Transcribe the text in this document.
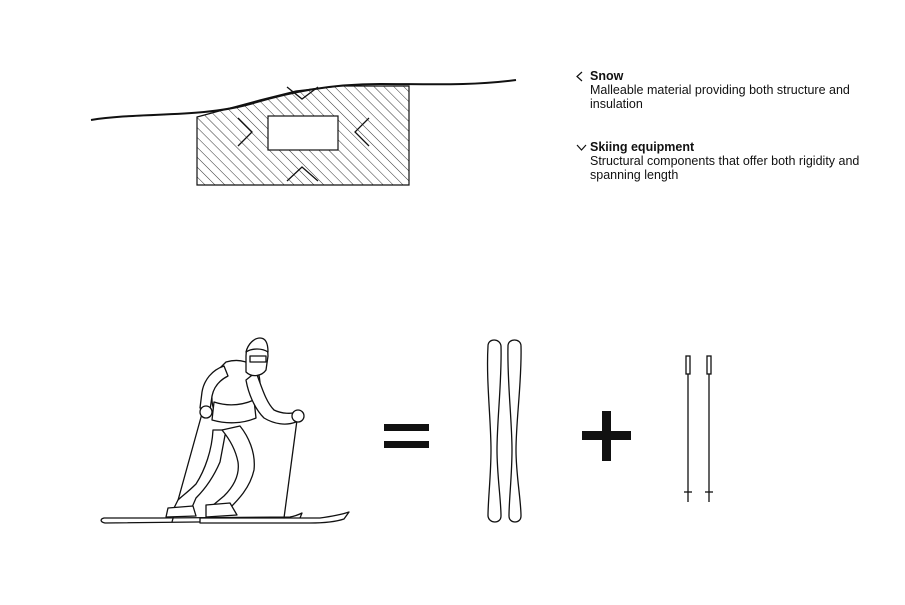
Snow
Malleable material providing both structure and insulation
Skiing equipment
Structural components that offer both rigidity and spanning length
